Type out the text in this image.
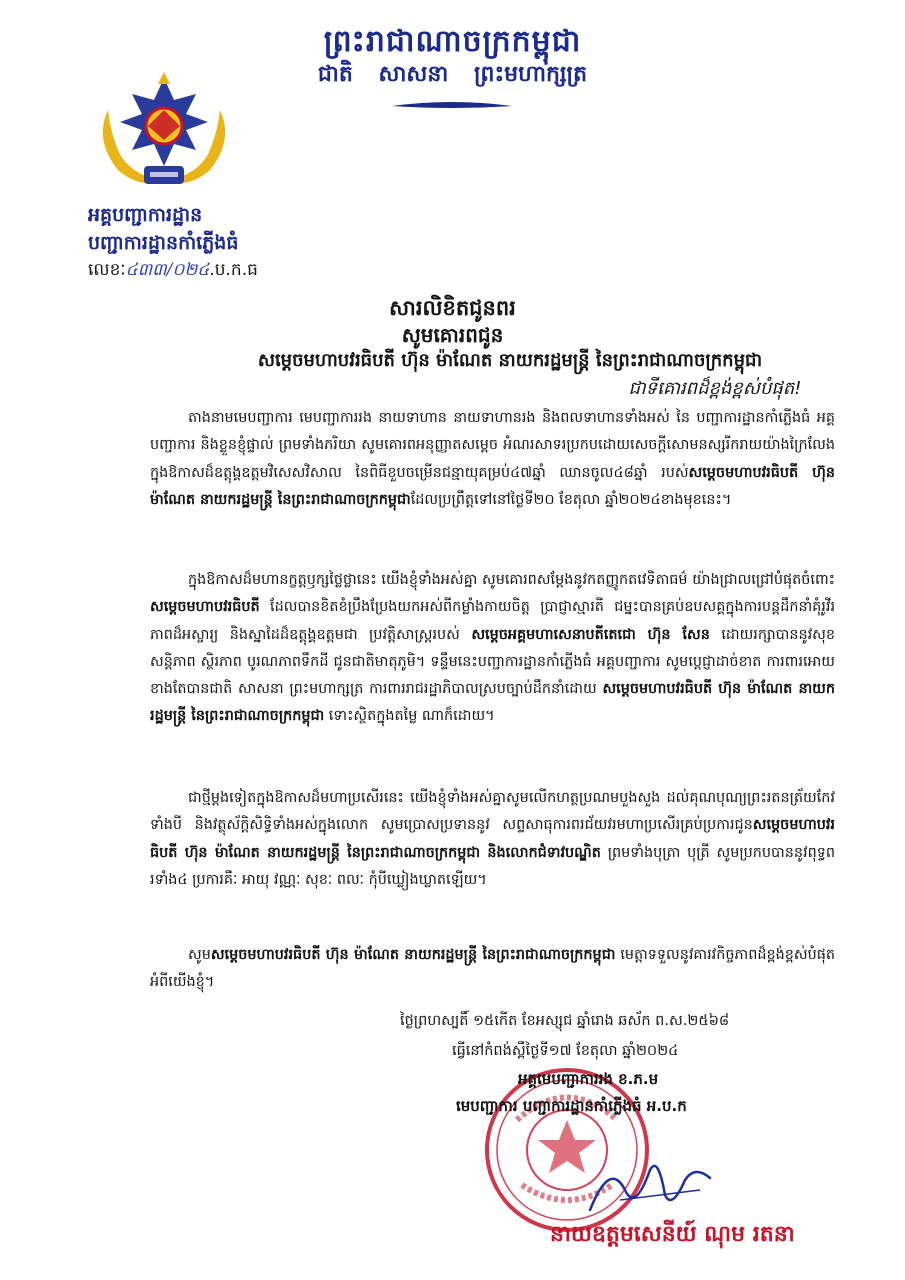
ព្រះរាជាណាចក្រកម្ពុជា
ជាតិ សាសនា ព្រះមហាក្សត្រ
អគ្គបញ្ជាការដ្ឋាន
បញ្ជាការដ្ឋានកាំភ្លើងធំ
លេខៈ៤៣៣/០២៤.ប.ក.ធ
សារលិខិតជូនពរ
សូមគោរពជូន
សម្តេចមហាបវរធិបតី ហ៊ុន ម៉ាណែត នាយករដ្ឋមន្ត្រី នៃព្រះរាជាណាចក្រកម្ពុជា
ជាទីគោរពដ៏ខ្ពង់ខ្ពស់បំផុត!
តាងនាមមេបញ្ជាការ មេបញ្ជាការរង នាយទាហាន នាយទាហានរង និងពលទាហានទាំងអស់ នៃ បញ្ជាការដ្ឋានកាំភ្លើងធំ អគ្គបញ្ជាការ និងខ្លួនខ្ញុំផ្ទាល់ ព្រមទាំងភរិយា សូមគោរពអនុញ្ញាតសម្តេច អំណរសាទរប្រកបដោយសេចក្តីសោមនស្សរីករាយយ៉ាងក្រៃលែង ក្នុងឱកាសដ៏ឧត្តុង្គឧត្តមវិសេសវិសាល នៃពិធីខួបចម្រើនជន្មាយុគម្រប់៤៧ឆ្នាំ ឈានចូល៤៨ឆ្នាំ របស់សម្តេចមហាបវរធិបតី ហ៊ុន ម៉ាណែត នាយករដ្ឋមន្ត្រី នៃព្រះរាជាណាចក្រកម្ពុជាដែលប្រព្រឹត្តទៅនៅថ្ងៃទី២០ ខែតុលា ឆ្នាំ២០២៤ខាងមុខនេះ។
ក្នុងឱកាសដ៏មហានក្ខត្តឫក្សថ្លៃថ្លានេះ យើងខ្ញុំទាំងអស់គ្នា សូមគោរពសម្តែងនូវកតញ្ញូកតវេទិតាធម៌ យ៉ាងជ្រាលជ្រៅបំផុតចំពោះ សម្តេចមហាបវរធិបតី ដែលបានខិតខំប្រឹងប្រែងយកអស់ពីកម្លាំងកាយចិត្ត ប្រាជ្ញាស្មារតី ជម្នះបានគ្រប់ឧបសគ្គក្នុងការបន្តដឹកនាំគុំរូវីរភាពដ៏អស្ចារ្យ និងស្នាដៃដ៏ឧត្តុង្គឧត្តមជា ប្រវត្តិសាស្ត្ររបស់ សម្តេចអគ្គមហាសេនាបតីតេជោ ហ៊ុន សែន ដោយរក្សាបាននូវសុខសន្តិភាព ស្ថិរភាព បូរណភាពទឹកដី ជូនជាតិមាតុភូមិ។ ទន្ទឹមនេះបញ្ជាការដ្ឋានកាំភ្លើងធំ អគ្គបញ្ជាការ សូមប្តេជ្ញាដាច់ខាត ការពារអោយខាងតែបានជាតិ សាសនា ព្រះមហាក្សត្រ ការពាររាជរដ្ឋាភិបាលស្របច្បាប់ដឹកនាំដោយ សម្តេចមហាបវរធិបតី ហ៊ុន ម៉ាណែត នាយករដ្ឋមន្ត្រី នៃព្រះរាជាណាចក្រកម្ពុជា ទោះស្ថិតក្នុងតម្លៃ ណាក៏ដោយ។
ជាថ្មីម្តងទៀតក្នុងឱកាសដ៏មហាប្រសើរនេះ យើងខ្ញុំទាំងអស់គ្នាសូមលើកហត្ថប្រណមបួងសួង ដល់គុណបុណ្យព្រះរតនត្រ័យកែវទាំងបី និងវត្ថុស័ក្តិសិទ្ធិទាំងអស់ក្នុងលោក សូមប្រោសប្រទាននូវ សព្ទសាធុការពរជ័យវរមហាប្រសើរគ្រប់ប្រការជូនសម្តេចមហាបវរធិបតី ហ៊ុន ម៉ាណែត នាយករដ្ឋមន្ត្រី នៃព្រះរាជាណាចក្រកម្ពុជា និងលោកជំទាវបណ្ឌិត ព្រមទាំងបុត្រា បុត្រី សូមប្រកបបាននូវពុទ្ធពរទាំង៤ ប្រការគឺៈ អាយុ វណ្ណៈ សុខៈ ពលៈ កុំបីឃ្លៀងឃ្លាតឡើយ។
សូមសម្តេចមហាបវរធិបតី ហ៊ុន ម៉ាណែត នាយករដ្ឋមន្ត្រី នៃព្រះរាជាណាចក្រកម្ពុជា មេត្តាទទួលនូវគារវកិច្ចភាពដ៏ខ្ពង់ខ្ពស់បំផុតអំពីយើងខ្ញុំ។
ថ្ងៃព្រហស្បតិ៍ ១៥កើត ខែអស្សុជ ឆ្នាំរោង ឆស័ក ព.ស.២៥៦៨
ធ្វើនៅកំពង់ស្ពឺថ្ងៃទី១៧ ខែតុលា ឆ្នាំ២០២៤
អគ្គមេបញ្ជាការរង ខ.ភ.ម
មេបញ្ជាការ បញ្ជាការដ្ឋានកាំភ្លើងធំ អ.ប.ក
នាយឧត្តមសេនីយ៍ ណុម រតនា
